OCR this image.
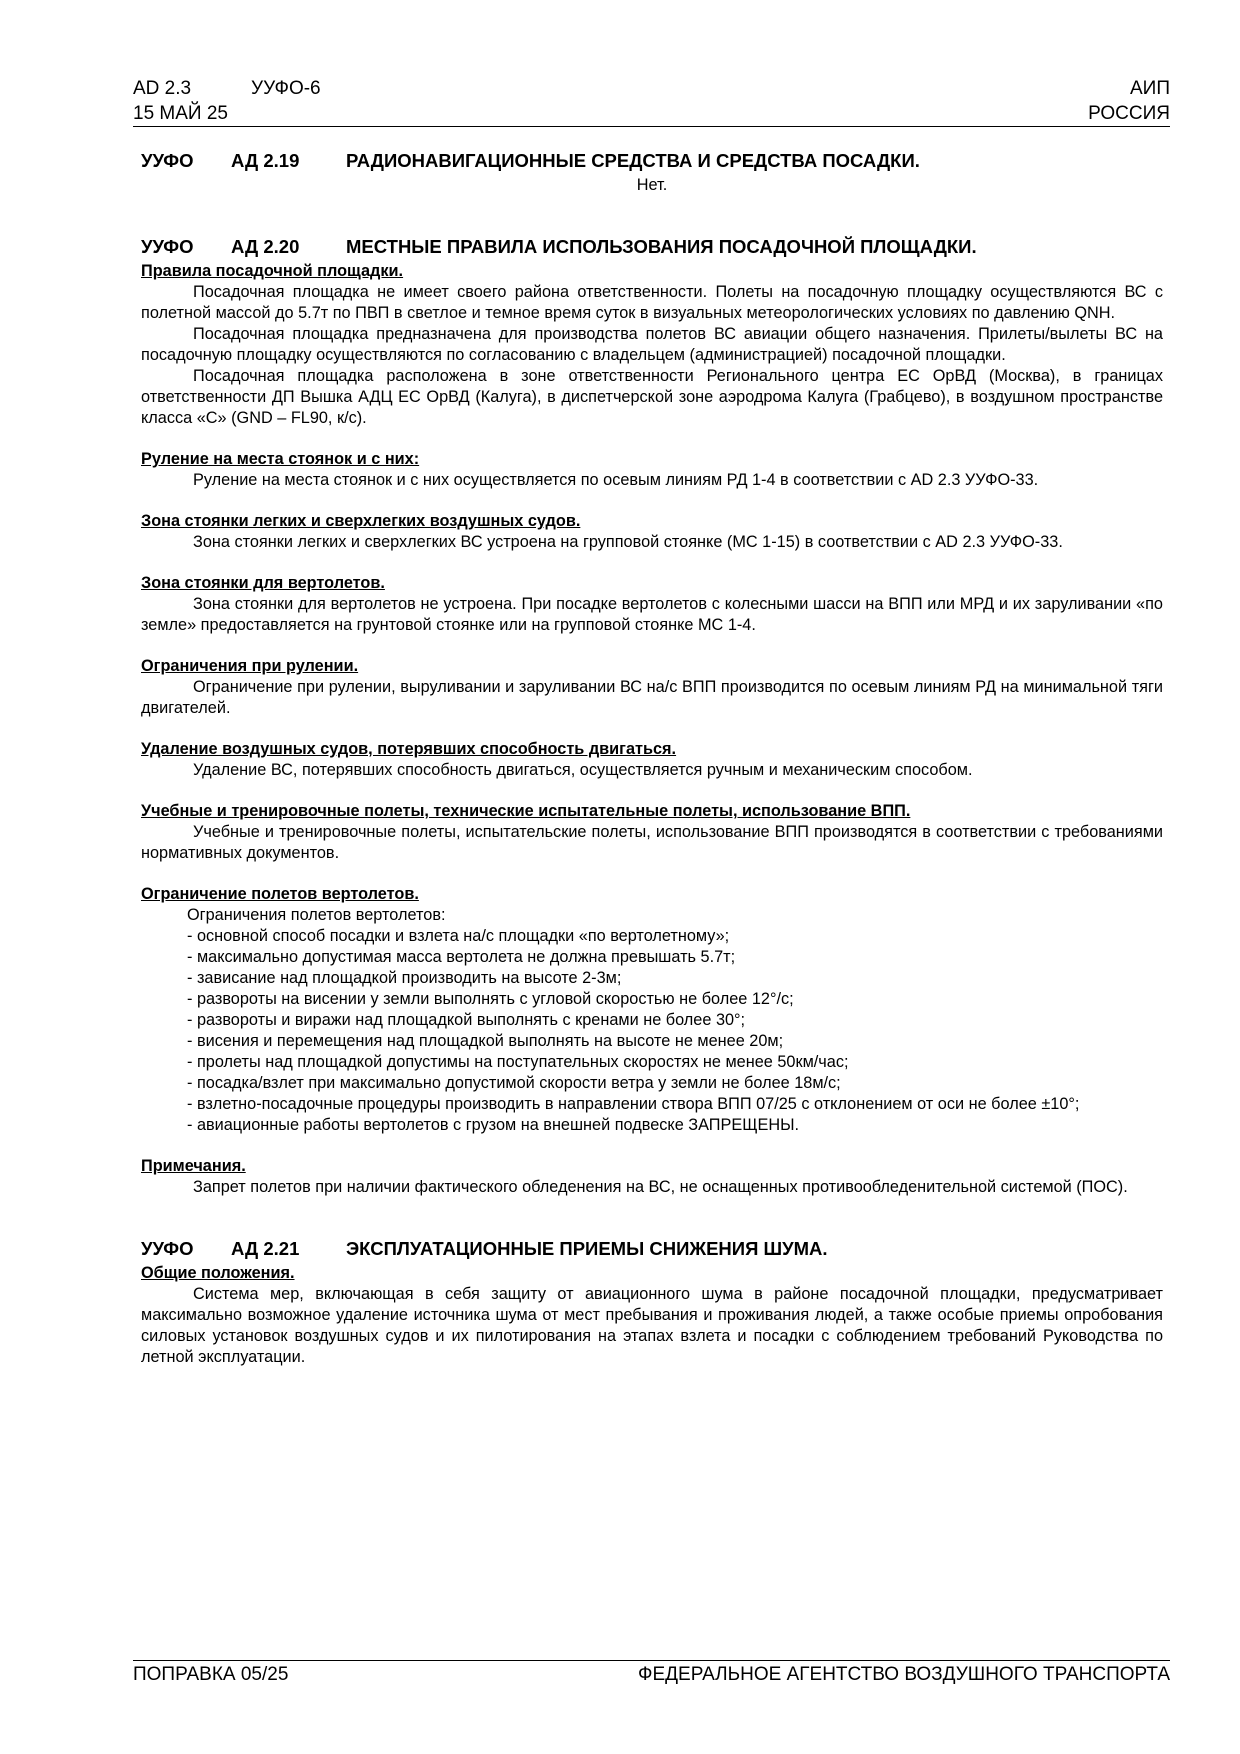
AD 2.3	УУФО-6	АИП
15 МАЙ 25	РОССИЯ
УУФО	АД 2.19	РАДИОНАВИГАЦИОННЫЕ СРЕДСТВА И СРЕДСТВА ПОСАДКИ.
Нет.
УУФО	АД 2.20	МЕСТНЫЕ ПРАВИЛА ИСПОЛЬЗОВАНИЯ ПОСАДОЧНОЙ ПЛОЩАДКИ.
Правила посадочной площадки.

Посадочная площадка не имеет своего района ответственности. Полеты на посадочную площадку осуществляются ВС с полетной массой до 5.7т по ПВП в светлое и темное время суток в визуальных метеорологических условиях по давлению QNH.

Посадочная площадка предназначена для производства полетов ВС авиации общего назначения. Прилеты/вылеты ВС на посадочную площадку осуществляются по согласованию с владельцем (администрацией) посадочной площадки.

Посадочная площадка расположена в зоне ответственности Регионального центра ЕС ОрВД (Москва), в границах ответственности ДП Вышка АДЦ ЕС ОрВД (Калуга), в диспетчерской зоне аэродрома Калуга (Грабцево), в воздушном пространстве класса «С» (GND – FL90, к/с).

Руление на места стоянок и с них:

Руление на места стоянок и с них осуществляется по осевым линиям РД 1-4 в соответствии с AD 2.3 УУФО-33.

Зона стоянки легких и сверхлегких воздушных судов.

Зона стоянки легких и сверхлегких ВС устроена на групповой стоянке (МС 1-15) в соответствии с AD 2.3 УУФО-33.

Зона стоянки для вертолетов.

Зона стоянки для вертолетов не устроена. При посадке вертолетов с колесными шасси на ВПП или МРД и их заруливании «по земле» предоставляется на грунтовой стоянке или на групповой стоянке МС 1-4.

Ограничения при рулении.

Ограничение при рулении, выруливании и заруливании ВС на/с ВПП производится по осевым линиям РД на минимальной тяги двигателей.

Удаление воздушных судов, потерявших способность двигаться.

Удаление ВС, потерявших способность двигаться, осуществляется ручным и механическим способом.

Учебные и тренировочные полеты, технические испытательные полеты, использование ВПП.

Учебные и тренировочные полеты, испытательские полеты, использование ВПП производятся в соответствии с требованиями нормативных документов.

Ограничение полетов вертолетов.
Ограничения полетов вертолетов:
- основной способ посадки и взлета на/с площадки «по вертолетному»;
- максимально допустимая масса вертолета не должна превышать 5.7т;
- зависание над площадкой производить на высоте 2-3м;
- развороты на висении у земли выполнять с угловой скоростью не более 12°/с;
- развороты и виражи над площадкой выполнять с кренами не более 30°;
- висения и перемещения над площадкой выполнять на высоте не менее 20м;
- пролеты над площадкой допустимы на поступательных скоростях не менее 50км/час;
- посадка/взлет при максимально допустимой скорости ветра у земли не более 18м/с;
- взлетно-посадочные процедуры производить в направлении створа ВПП 07/25 с отклонением от оси не более ±10°;
- авиационные работы вертолетов с грузом на внешней подвеске ЗАПРЕЩЕНЫ.
Примечания.

Запрет полетов при наличии фактического обледенения на ВС, не оснащенных противообледенительной системой (ПОС).

УУФО	АД 2.21	ЭКСПЛУАТАЦИОННЫЕ ПРИЕМЫ СНИЖЕНИЯ ШУМА.
Общие положения.

Система мер, включающая в себя защиту от авиационного шума в районе посадочной площадки, предусматривает максимально возможное удаление источника шума от мест пребывания и проживания людей, а также особые приемы опробования силовых установок воздушных судов и их пилотирования на этапах взлета и посадки с соблюдением требований Руководства по летной эксплуатации.

ПОПРАВКА 05/25	ФЕДЕРАЛЬНОЕ АГЕНТСТВО ВОЗДУШНОГО ТРАНСПОРТА
